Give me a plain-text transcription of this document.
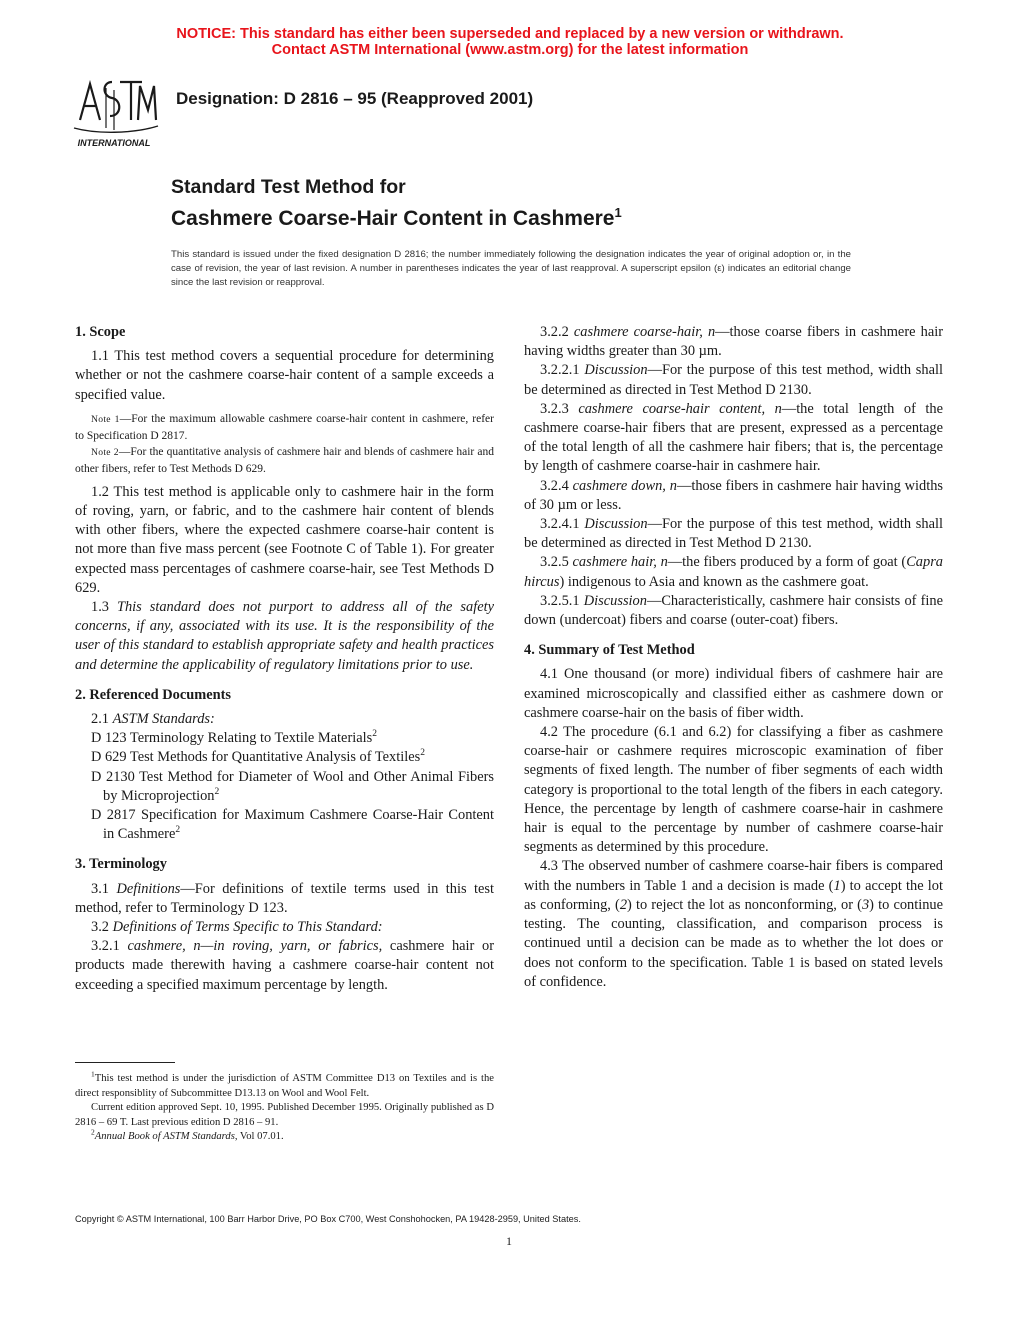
NOTICE: This standard has either been superseded and replaced by a new version or withdrawn.
Contact ASTM International (www.astm.org) for the latest information
INTERNATIONAL
Designation: D 2816 – 95 (Reapproved 2001)
Standard Test Method for
Cashmere Coarse-Hair Content in Cashmere$^1$
This standard is issued under the fixed designation D 2816; the number immediately following the designation indicates the year of original adoption or, in the case of revision, the year of last revision. A number in parentheses indicates the year of last reapproval. A superscript epsilon (ε) indicates an editorial change since the last revision or reapproval.
1. Scope

1.1 This test method covers a sequential procedure for determining whether or not the cashmere coarse-hair content of a sample exceeds a specified value.

Note 1—For the maximum allowable cashmere coarse-hair content in cashmere, refer to Specification D 2817.

Note 2—For the quantitative analysis of cashmere hair and blends of cashmere hair and other fibers, refer to Test Methods D 629.

1.2 This test method is applicable only to cashmere hair in the form of roving, yarn, or fabric, and to the cashmere hair content of blends with other fibers, where the expected cashmere coarse-hair content is not more than five mass percent (see Footnote C of Table 1). For greater expected mass percentages of cashmere coarse-hair, see Test Methods D 629.

1.3 This standard does not purport to address all of the safety concerns, if any, associated with its use. It is the responsibility of the user of this standard to establish appropriate safety and health practices and determine the applicability of regulatory limitations prior to use.

2. Referenced Documents

2.1 ASTM Standards:

D 123 Terminology Relating to Textile Materials$^2$

D 629 Test Methods for Quantitative Analysis of Textiles$^2$

D 2130 Test Method for Diameter of Wool and Other Animal Fibers by Microprojection$^2$

D 2817 Specification for Maximum Cashmere Coarse-Hair Content in Cashmere$^2$

3. Terminology

3.1 Definitions—For definitions of textile terms used in this test method, refer to Terminology D 123.

3.2 Definitions of Terms Specific to This Standard:

3.2.1 cashmere, n—in roving, yarn, or fabrics, cashmere hair or products made therewith having a cashmere coarse-hair content not exceeding a specified maximum percentage by length.

3.2.2 cashmere coarse-hair, n—those coarse fibers in cashmere hair having widths greater than 30 µm.

3.2.2.1 Discussion—For the purpose of this test method, width shall be determined as directed in Test Method D 2130.

3.2.3 cashmere coarse-hair content, n—the total length of the cashmere coarse-hair fibers that are present, expressed as a percentage of the total length of all the cashmere hair fibers; that is, the percentage by length of cashmere coarse-hair in cashmere hair.

3.2.4 cashmere down, n—those fibers in cashmere hair having widths of 30 µm or less.

3.2.4.1 Discussion—For the purpose of this test method, width shall be determined as directed in Test Method D 2130.

3.2.5 cashmere hair, n—the fibers produced by a form of goat (Capra hircus) indigenous to Asia and known as the cashmere goat.

3.2.5.1 Discussion—Characteristically, cashmere hair consists of fine down (undercoat) fibers and coarse (outer-coat) fibers.

4. Summary of Test Method

4.1 One thousand (or more) individual fibers of cashmere hair are examined microscopically and classified either as cashmere down or cashmere coarse-hair on the basis of fiber width.

4.2 The procedure (6.1 and 6.2) for classifying a fiber as cashmere coarse-hair or cashmere requires microscopic examination of fiber segments of fixed length. The number of fiber segments of each width category is proportional to the total length of the fibers in each category. Hence, the percentage by length of cashmere coarse-hair in cashmere hair is equal to the percentage by number of cashmere coarse-hair segments as determined by this procedure.

4.3 The observed number of cashmere coarse-hair fibers is compared with the numbers in Table 1 and a decision is made (1) to accept the lot as conforming, (2) to reject the lot as nonconforming, or (3) to continue testing. The counting, classification, and comparison process is continued until a decision can be made as to whether the lot does or does not conform to the specification. Table 1 is based on stated levels of confidence.

$^1$This test method is under the jurisdiction of ASTM Committee D13 on Textiles and is the direct responsiblity of Subcommittee D13.13 on Wool and Wool Felt.

Current edition approved Sept. 10, 1995. Published December 1995. Originally published as D 2816 – 69 T. Last previous edition D 2816 – 91.

$^2$Annual Book of ASTM Standards, Vol 07.01.

Copyright © ASTM International, 100 Barr Harbor Drive, PO Box C700, West Conshohocken, PA 19428-2959, United States.
1
